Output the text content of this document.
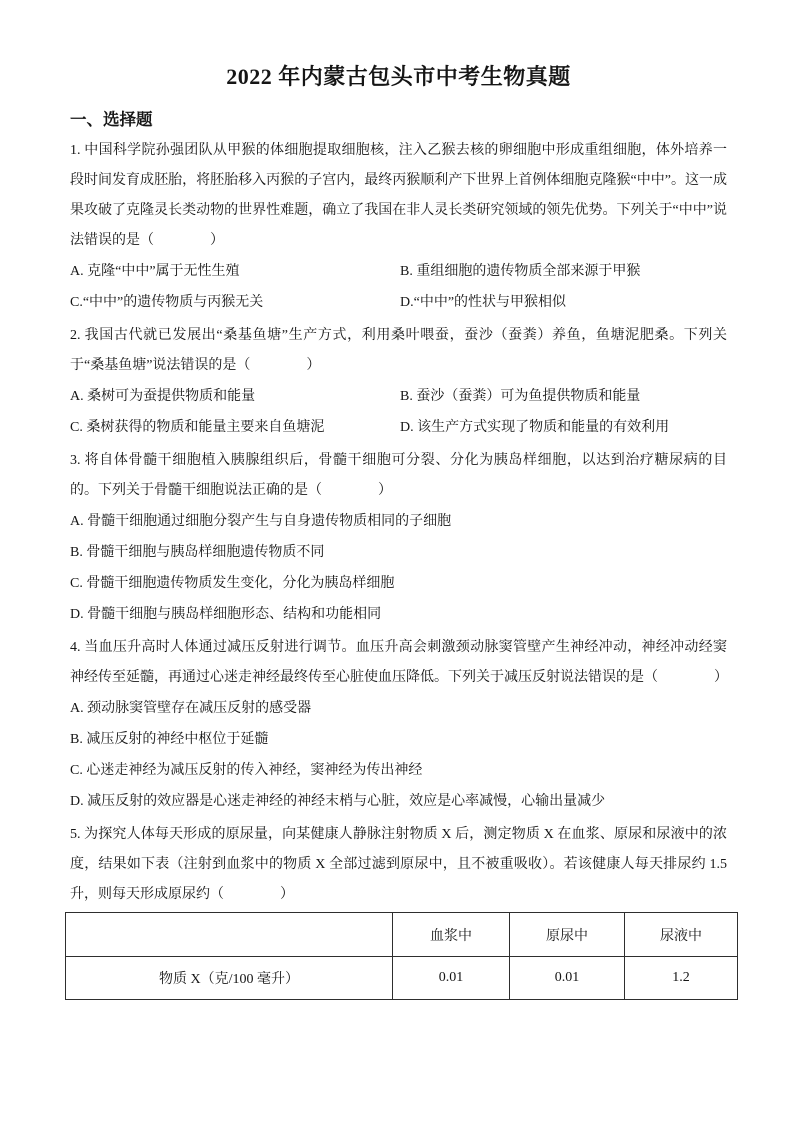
2022 年内蒙古包头市中考生物真题
一、选择题

1. 中国科学院孙强团队从甲猴的体细胞提取细胞核，注入乙猴去核的卵细胞中形成重组细胞，体外培养一段时间发育成胚胎，将胚胎移入丙猴的子宫内，最终丙猴顺利产下世界上首例体细胞克隆猴“中中”。这一成果攻破了克隆灵长类动物的世界性难题，确立了我国在非人灵长类研究领域的领先优势。下列关于“中中”说法错误的是（　　　　）

A. 克隆“中中”属于无性生殖	B. 重组细胞的遗传物质全部来源于甲猴
C.“中中”的遗传物质与丙猴无关	D.“中中”的性状与甲猴相似

2. 我国古代就已发展出“桑基鱼塘”生产方式，利用桑叶喂蚕，蚕沙（蚕粪）养鱼，鱼塘泥肥桑。下列关于“桑基鱼塘”说法错误的是（　　　　）

A. 桑树可为蚕提供物质和能量	B. 蚕沙（蚕粪）可为鱼提供物质和能量
C. 桑树获得的物质和能量主要来自鱼塘泥	D. 该生产方式实现了物质和能量的有效利用

3. 将自体骨髓干细胞植入胰腺组织后，骨髓干细胞可分裂、分化为胰岛样细胞，以达到治疗糖尿病的目的。下列关于骨髓干细胞说法正确的是（　　　　）

A. 骨髓干细胞通过细胞分裂产生与自身遗传物质相同的子细胞
B. 骨髓干细胞与胰岛样细胞遗传物质不同
C. 骨髓干细胞遗传物质发生变化，分化为胰岛样细胞
D. 骨髓干细胞与胰岛样细胞形态、结构和功能相同

4. 当血压升高时人体通过减压反射进行调节。血压升高会刺激颈动脉窦管壁产生神经冲动，神经冲动经窦神经传至延髓，再通过心迷走神经最终传至心脏使血压降低。下列关于减压反射说法错误的是（　　　　）

A. 颈动脉窦管壁存在减压反射的感受器
B. 减压反射的神经中枢位于延髓
C. 心迷走神经为减压反射的传入神经，窦神经为传出神经
D. 减压反射的效应器是心迷走神经的神经末梢与心脏，效应是心率减慢，心输出量减少

5. 为探究人体每天形成的原尿量，向某健康人静脉注射物质 X 后，测定物质 X 在血浆、原尿和尿液中的浓度，结果如下表（注射到血浆中的物质 X 全部过滤到原尿中，且不被重吸收）。若该健康人每天排尿约 1.5 升，则每天形成原尿约（　　　　）

	血浆中	原尿中	尿液中
物质 X（克/100 毫升）	0.01	0.01	1.2
